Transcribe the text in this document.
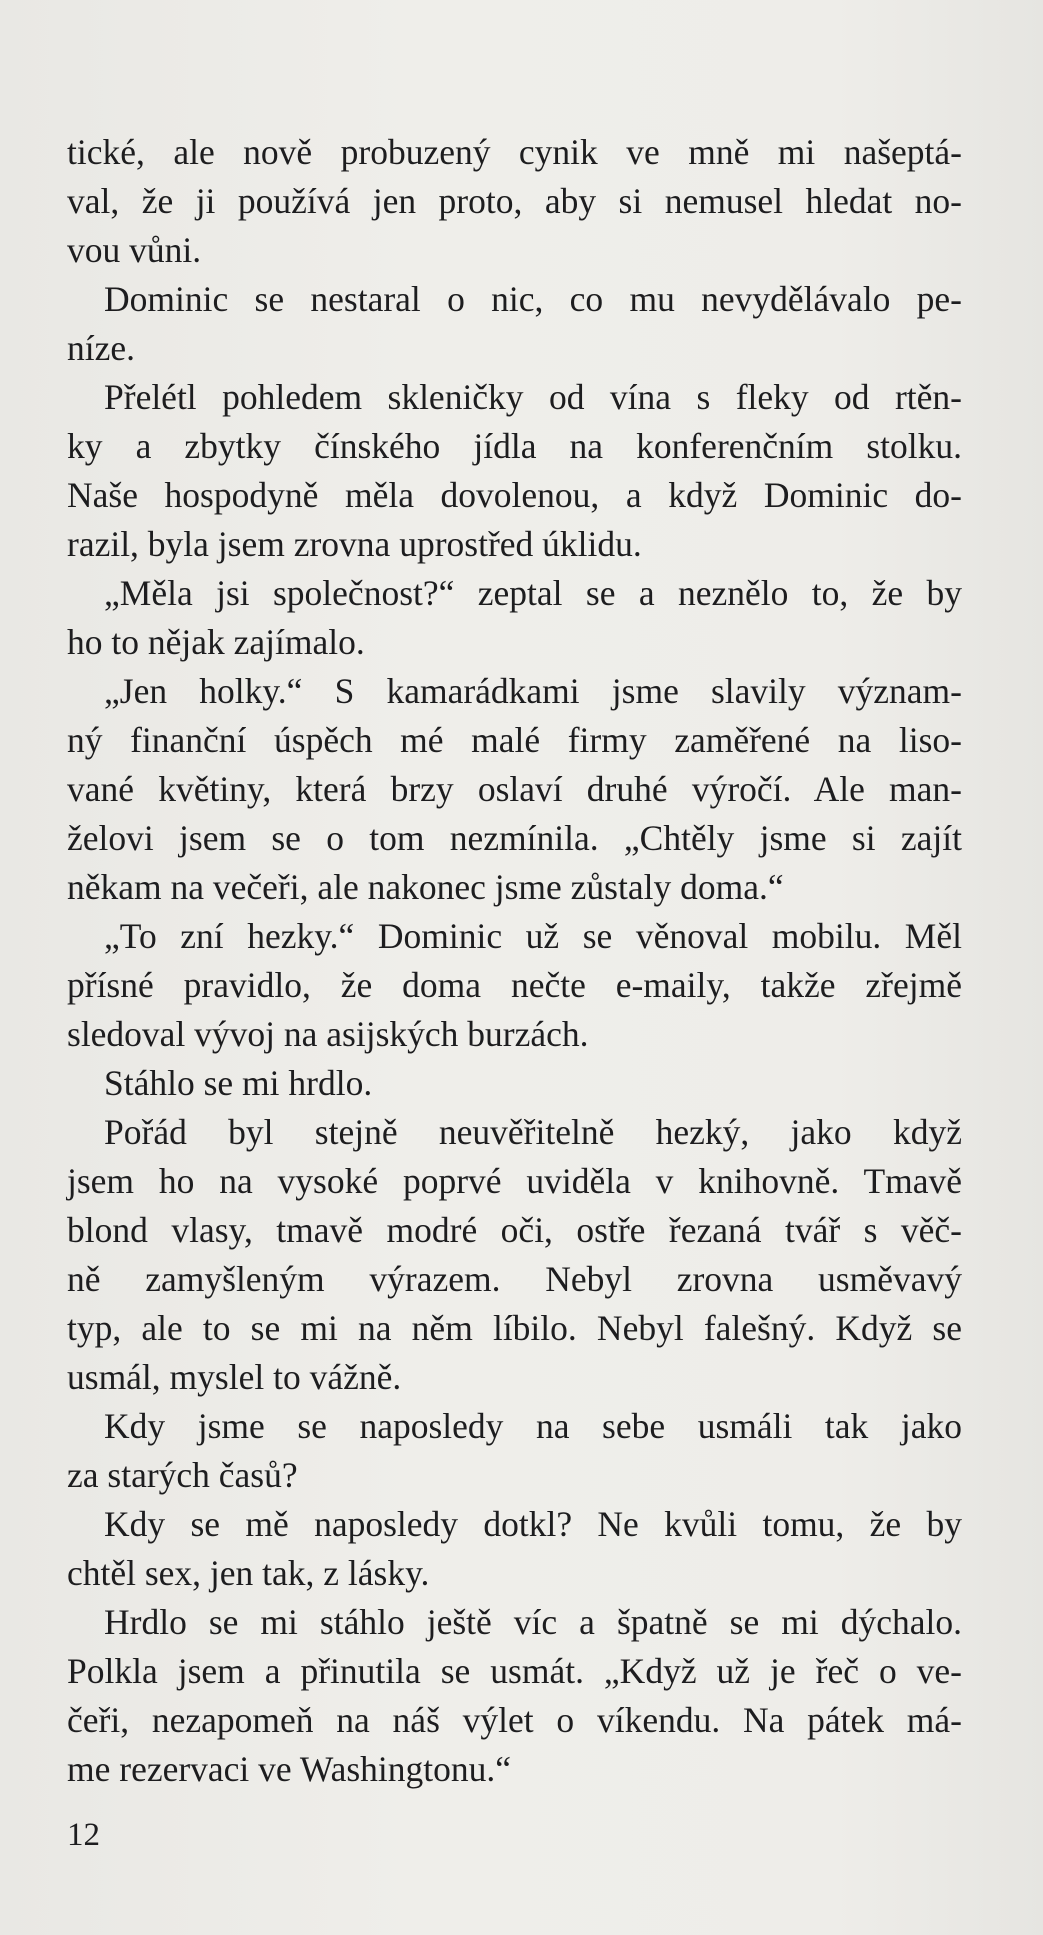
tické, ale nově probuzený cynik ve mně mi našeptá-
val, že ji používá jen proto, aby si nemusel hledat no-
vou vůni.
Dominic se nestaral o nic, co mu nevydělávalo pe-
níze.
Přelétl pohledem skleničky od vína s fleky od rtěn-
ky a zbytky čínského jídla na konferenčním stolku.
Naše hospodyně měla dovolenou, a když Dominic do-
razil, byla jsem zrovna uprostřed úklidu.
„Měla jsi společnost?“ zeptal se a neznělo to, že by
ho to nějak zajímalo.
„Jen holky.“ S kamarádkami jsme slavily význam-
ný finanční úspěch mé malé firmy zaměřené na liso-
vané květiny, která brzy oslaví druhé výročí. Ale man-
želovi jsem se o tom nezmínila. „Chtěly jsme si zajít
někam na večeři, ale nakonec jsme zůstaly doma.“
„To zní hezky.“ Dominic už se věnoval mobilu. Měl
přísné pravidlo, že doma nečte e-maily, takže zřejmě
sledoval vývoj na asijských burzách.
Stáhlo se mi hrdlo.
Pořád byl stejně neuvěřitelně hezký, jako když
jsem ho na vysoké poprvé uviděla v knihovně. Tmavě
blond vlasy, tmavě modré oči, ostře řezaná tvář s věč-
ně zamyšleným výrazem. Nebyl zrovna usměvavý
typ, ale to se mi na něm líbilo. Nebyl falešný. Když se
usmál, myslel to vážně.
Kdy jsme se naposledy na sebe usmáli tak jako
za starých časů?
Kdy se mě naposledy dotkl? Ne kvůli tomu, že by
chtěl sex, jen tak, z lásky.
Hrdlo se mi stáhlo ještě víc a špatně se mi dýchalo.
Polkla jsem a přinutila se usmát. „Když už je řeč o ve-
čeři, nezapomeň na náš výlet o víkendu. Na pátek má-
me rezervaci ve Washingtonu.“
12
